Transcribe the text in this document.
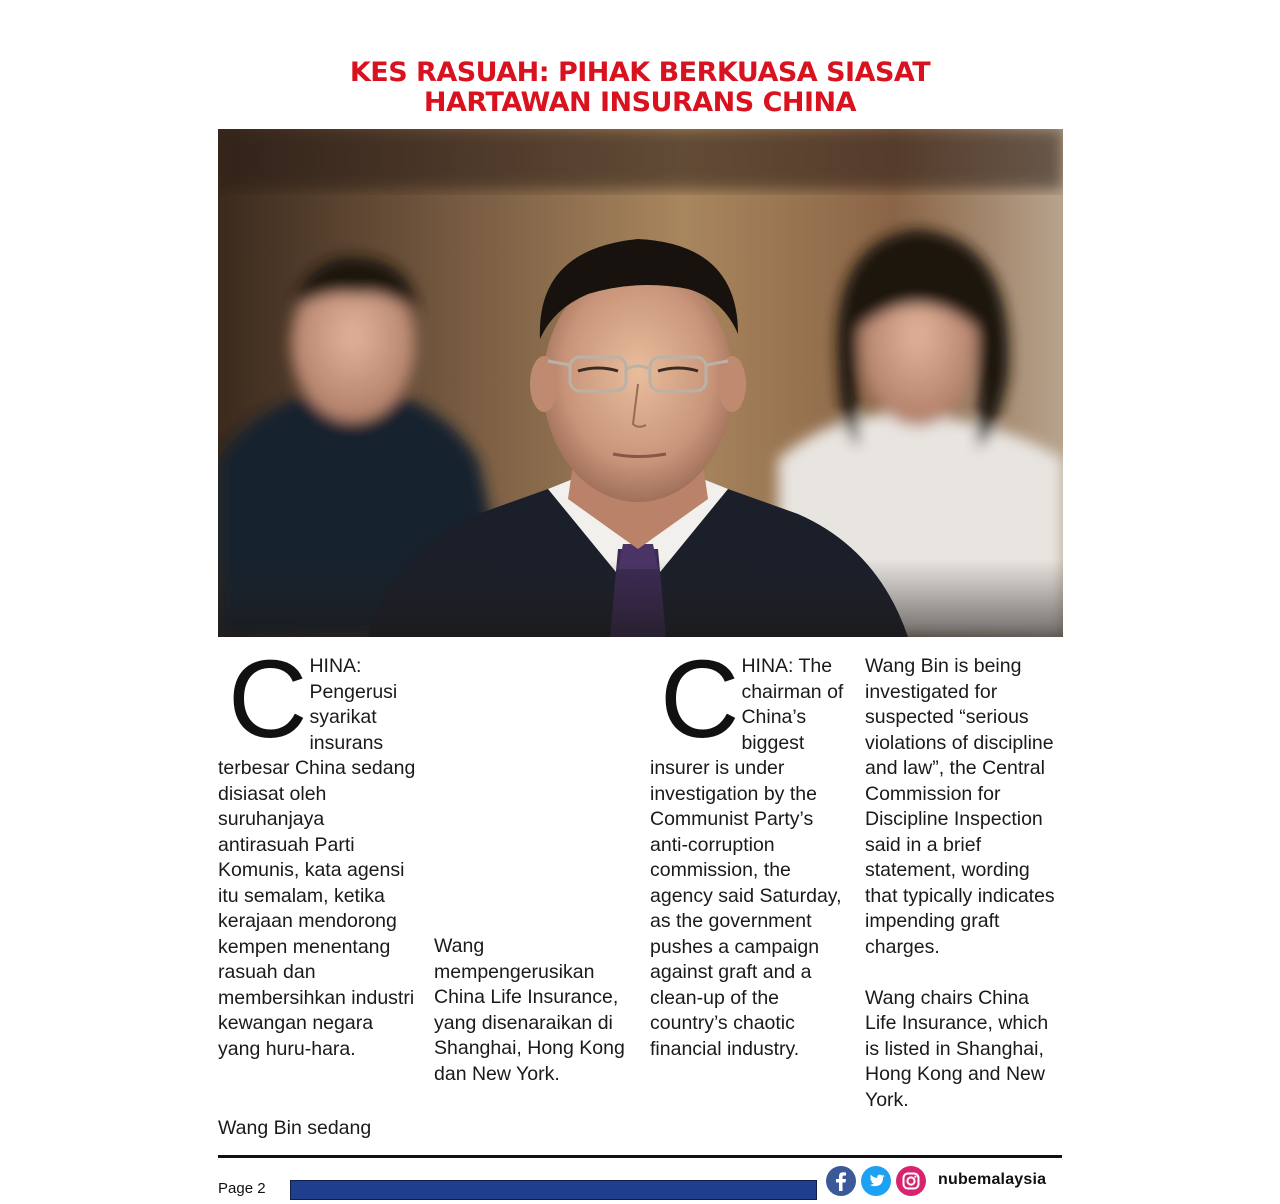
KES RASUAH: PIHAK BERKUASA SIASAT
HARTAWAN INSURANS CHINA
C HINA: Pengerusi syarikat insurans terbesar China sedang disiasat oleh suruhanjaya antirasuah Parti Komunis, kata agensi itu semalam, ketika kerajaan mendorong kempen menentang rasuah dan membersihkan industri kewangan negara yang huru-hara.

Wang Bin sedang

Wang mempengerusikan China Life Insurance, yang disenaraikan di Shanghai, Hong Kong dan New York.

C HINA: The chairman of China’s biggest insurer is under investigation by the Communist Party’s anti-corruption commission, the agency said Saturday, as the government pushes a campaign against graft and a clean-up of the country’s chaotic financial industry.

Wang Bin is being investigated for suspected “serious violations of discipline and law”, the Central Commission for Discipline Inspection said in a brief statement, wording that typically indicates impending graft charges.

Wang chairs China Life Insurance, which is listed in Shanghai, Hong Kong and New York.

Page 2
nubemalaysia
